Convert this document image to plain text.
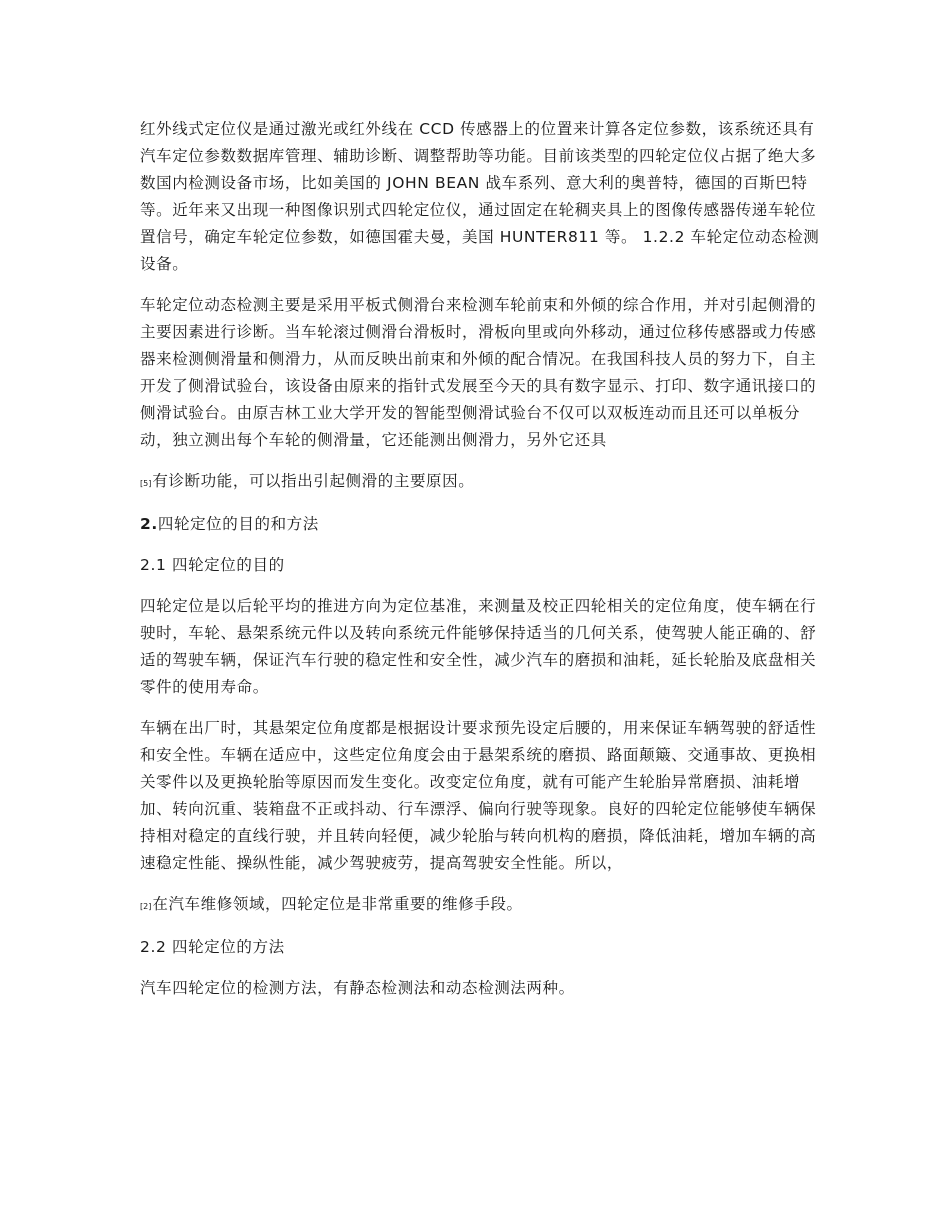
红外线式定位仪是通过激光或红外线在 CCD 传感器上的位置来计算各定位参数，该系统还具有汽车定位参数数据库管理、辅助诊断、调整帮助等功能。目前该类型的四轮定位仪占据了绝大多数国内检测设备市场，比如美国的 JOHN BEAN 战车系列、意大利的奥普特，德国的百斯巴特等。近年来又出现一种图像识别式四轮定位仪，通过固定在轮稠夹具上的图像传感器传递车轮位置信号，确定车轮定位参数，如德国霍夫曼，美国 HUNTER811 等。 1.2.2 车轮定位动态检测设备。

车轮定位动态检测主要是采用平板式侧滑台来检测车轮前束和外倾的综合作用，并对引起侧滑的主要因素进行诊断。当车轮滚过侧滑台滑板时，滑板向里或向外移动，通过位移传感器或力传感器来检测侧滑量和侧滑力，从而反映出前束和外倾的配合情况。在我国科技人员的努力下，自主开发了侧滑试验台，该设备由原来的指针式发展至今天的具有数字显示、打印、数字通讯接口的侧滑试验台。由原吉林工业大学开发的智能型侧滑试验台不仅可以双板连动而且还可以单板分动，独立测出每个车轮的侧滑量，它还能测出侧滑力，另外它还具

[5]有诊断功能，可以指出引起侧滑的主要原因。

2.四轮定位的目的和方法

2.1 四轮定位的目的

四轮定位是以后轮平均的推进方向为定位基准，来测量及校正四轮相关的定位角度，使车辆在行驶时，车轮、悬架系统元件以及转向系统元件能够保持适当的几何关系，使驾驶人能正确的、舒适的驾驶车辆，保证汽车行驶的稳定性和安全性，减少汽车的磨损和油耗，延长轮胎及底盘相关零件的使用寿命。

车辆在出厂时，其悬架定位角度都是根据设计要求预先设定后腰的，用来保证车辆驾驶的舒适性和安全性。车辆在适应中，这些定位角度会由于悬架系统的磨损、路面颠簸、交通事故、更换相关零件以及更换轮胎等原因而发生变化。改变定位角度，就有可能产生轮胎异常磨损、油耗增加、转向沉重、装箱盘不正或抖动、行车漂浮、偏向行驶等现象。良好的四轮定位能够使车辆保持相对稳定的直线行驶，并且转向轻便，减少轮胎与转向机构的磨损，降低油耗，增加车辆的高速稳定性能、操纵性能，减少驾驶疲劳，提高驾驶安全性能。所以，

[2]在汽车维修领域，四轮定位是非常重要的维修手段。

2.2 四轮定位的方法

汽车四轮定位的检测方法，有静态检测法和动态检测法两种。
